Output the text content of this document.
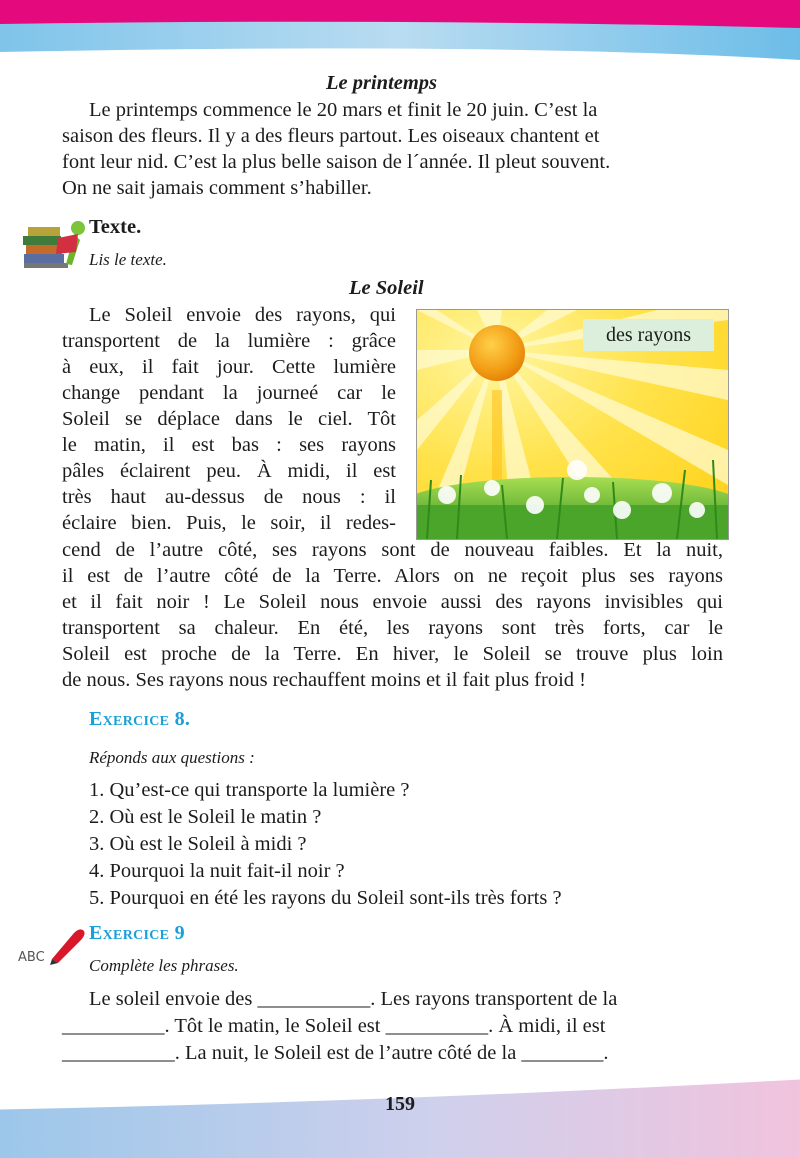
Le printemps
Le printemps commence le 20 mars et finit le 20 juin. C’est la
saison des fleurs. Il y a des fleurs partout. Les oiseaux chantent et
font leur nid. C’est la plus belle saison de l´année. Il pleut souvent.
On ne sait jamais comment s’habiller.
Texte.
Lis le texte.
Le Soleil
Le Soleil envoie des rayons, qui
transportent de la lumière : grâce
à eux, il fait jour. Cette lumière
change pendant la journeé car le
Soleil se déplace dans le ciel. Tôt
le matin, il est bas : ses rayons
pâles éclairent peu. À midi, il est
très haut au-dessus de nous : il
éclaire bien. Puis, le soir, il redes-
des rayons
cend de l’autre côté, ses rayons sont de nouveau faibles. Et la nuit,
il est de l’autre côté de la Terre. Alors on ne reçoit plus ses rayons
et il fait noir ! Le Soleil nous envoie aussi des rayons invisibles qui
transportent sa chaleur. En été, les rayons sont très forts, car le
Soleil est proche de la Terre. En hiver, le Soleil se trouve plus loin
de nous. Ses rayons nous rechauffent moins et il fait plus froid !
Exercice 8.
Réponds aux questions :
1. Qu’est-ce qui transporte la lumière ?
2. Où est le Soleil le matin ?
3. Où est le Soleil à midi ?
4. Pourquoi la nuit fait-il noir ?
5. Pourquoi en été les rayons du Soleil sont-ils très forts ?
ABC
Exercice 9
Complète les phrases.
Le soleil envoie des ___________. Les rayons transportent de la
__________. Tôt le matin, le Soleil est __________. À midi, il est
___________. La nuit, le Soleil est de l’autre côté de la ________.
159
